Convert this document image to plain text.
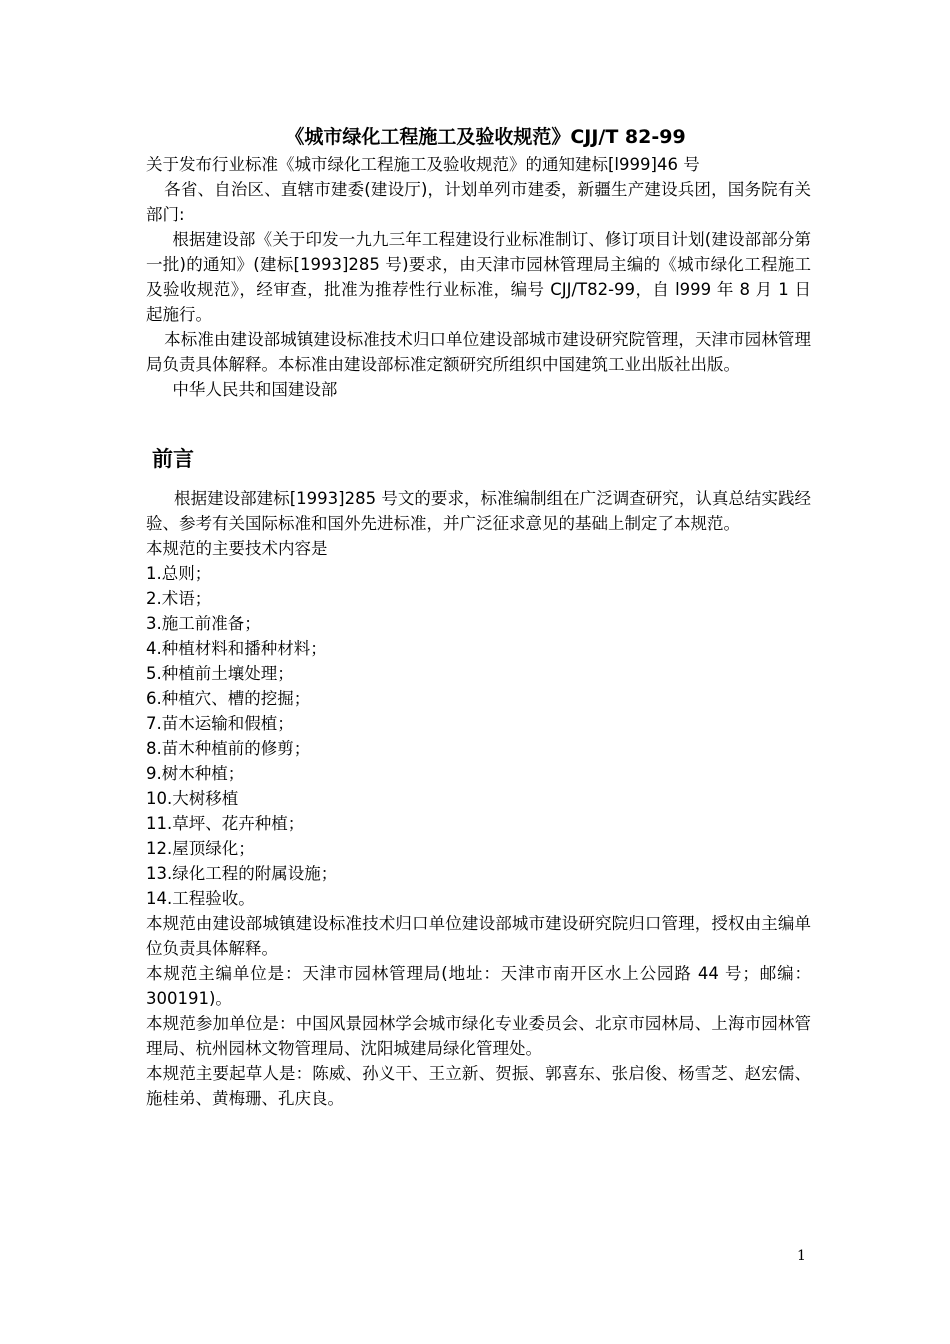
《城市绿化工程施工及验收规范》CJJ/T 82-99

关于发布行业标准《城市绿化工程施工及验收规范》的通知建标[l999]46 号

各省、自治区、直辖市建委(建设厅)，计划单列市建委，新疆生产建设兵团，国务院有关部门:

根据建设部《关于印发一九九三年工程建设行业标准制订、修订项目计划(建设部部分第一批)的通知》(建标[1993]285 号)要求，由天津市园林管理局主编的《城市绿化工程施工及验收规范》，经审查，批准为推荐性行业标准，编号 CJJ/T82-99，自 l999 年 8 月 1 日起施行。

本标准由建设部城镇建设标准技术归口单位建设部城市建设研究院管理，天津市园林管理局负责具体解释。本标准由建设部标准定额研究所组织中国建筑工业出版社出版。

中华人民共和国建设部

前言

根据建设部建标[1993]285 号文的要求，标准编制组在广泛调查研究，认真总结实践经验、参考有关国际标准和国外先进标准，并广泛征求意见的基础上制定了本规范。

本规范的主要技术内容是

1.总则；
2.术语；
3.施工前准备；
4.种植材料和播种材料；
5.种植前土壤处理；
6.种植穴、槽的挖掘；
7.苗木运输和假植；
8.苗木种植前的修剪；
9.树木种植；
10.大树移植
11.草坪、花卉种植；
12.屋顶绿化；
13.绿化工程的附属设施；
14.工程验收。

本规范由建设部城镇建设标准技术归口单位建设部城市建设研究院归口管理，授权由主编单位负责具体解释。

本规范主编单位是：天津市园林管理局(地址：天津市南开区水上公园路 44 号；邮编：300191)。

本规范参加单位是：中国风景园林学会城市绿化专业委员会、北京市园林局、上海市园林管理局、杭州园林文物管理局、沈阳城建局绿化管理处。

本规范主要起草人是：陈威、孙义干、王立新、贺振、郭喜东、张启俊、杨雪芝、赵宏儒、施桂弟、黄梅珊、孔庆良。

1
